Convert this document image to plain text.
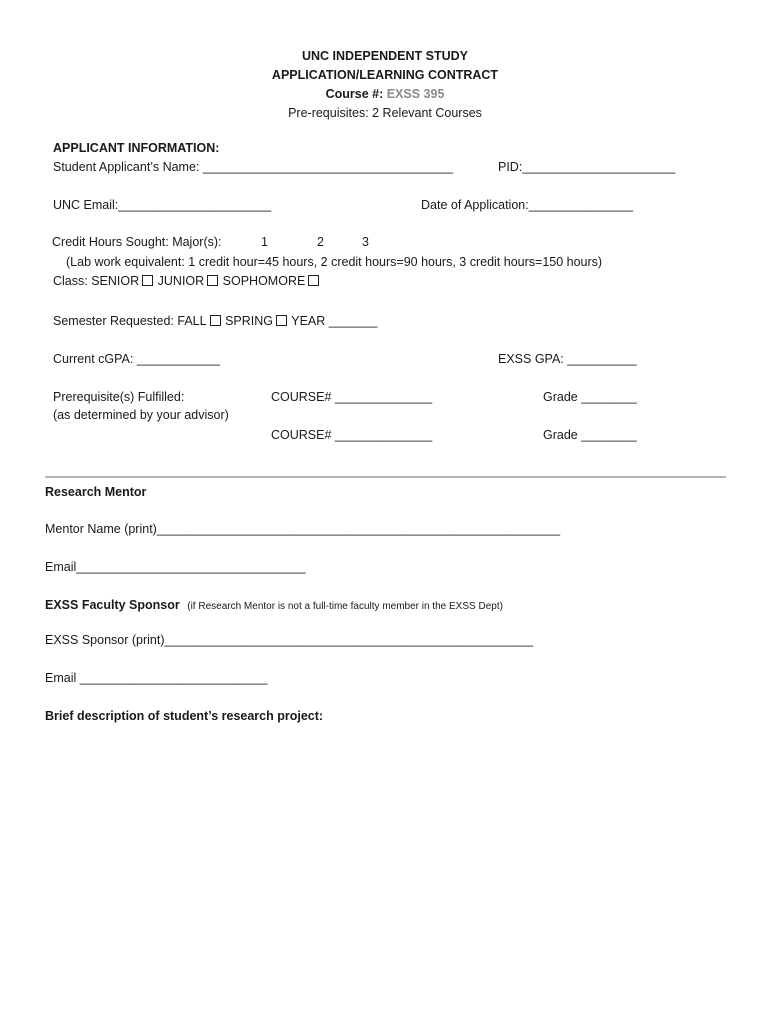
UNC INDEPENDENT STUDY
APPLICATION/LEARNING CONTRACT
Course #: EXSS 395
Pre-requisites: 2 Relevant Courses
APPLICANT INFORMATION:
Student Applicant’s Name: ____________________________________	PID:______________________
UNC Email:______________________	Date of Application:_______________
Credit Hours Sought: Major(s):	1	2	3
(Lab work equivalent: 1 credit hour=45 hours, 2 credit hours=90 hours, 3 credit hours=150 hours)
Class: SENIOR JUNIOR SOPHOMORE
Semester Requested: FALL SPRING YEAR _______
Current cGPA: ____________	EXSS GPA: __________
Prerequisite(s) Fulfilled:
(as determined by your advisor)
COURSE# ______________	Grade ________
COURSE# ______________	Grade ________
Research Mentor
Mentor Name (print)__________________________________________________________
Email_________________________________
EXSS Faculty Sponsor (if Research Mentor is not a full-time faculty member in the EXSS Dept)
EXSS Sponsor (print)_____________________________________________________
Email ___________________________
Brief description of student’s research project:
